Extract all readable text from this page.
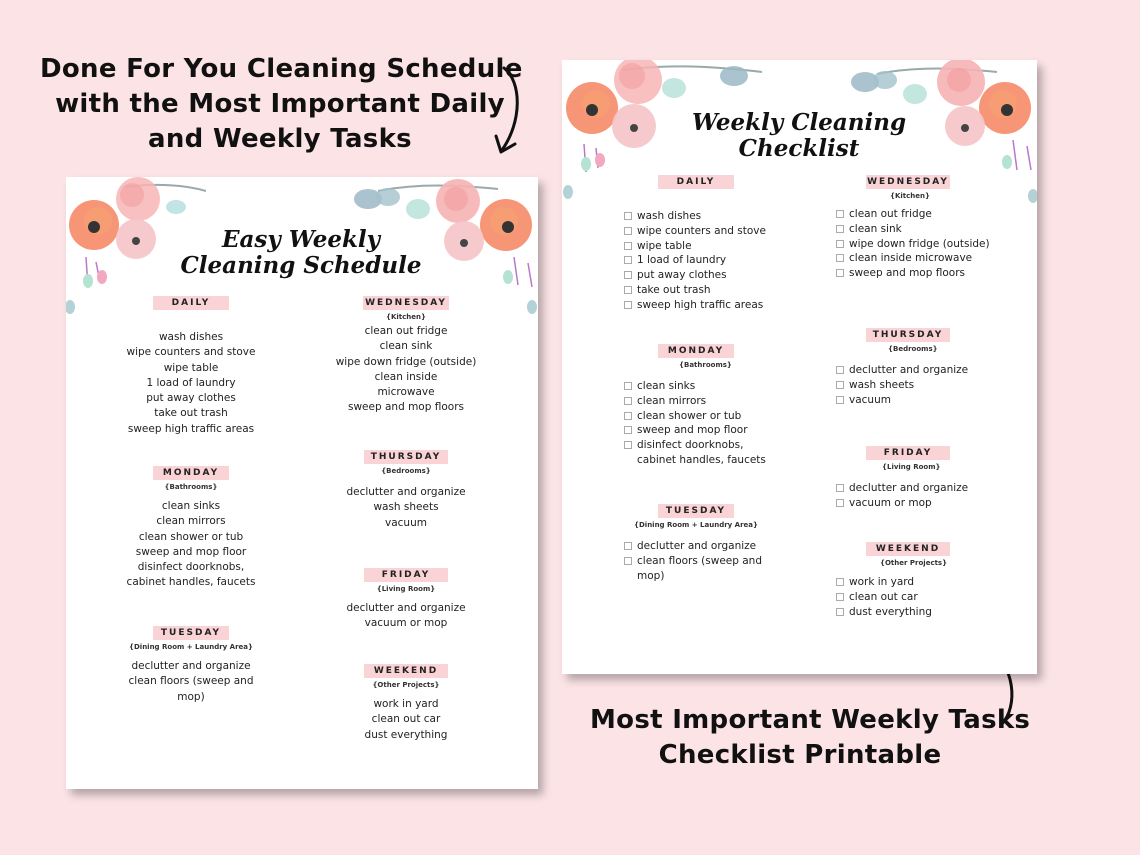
Done For You Cleaning Schedule
with the Most Important Daily
and Weekly Tasks
Most Important Weekly Tasks
Checklist Printable
Easy Weekly
Cleaning Schedule
DAILY
wash dishes
wipe counters and stove
wipe table
1 load of laundry
put away clothes
take out trash
sweep high traffic areas
MONDAY
{Bathrooms}
clean sinks
clean mirrors
clean shower or tub
sweep and mop floor
disinfect doorknobs,
cabinet handles, faucets
TUESDAY
{Dining Room + Laundry Area}
declutter and organize
clean floors (sweep and
mop)
WEDNESDAY
{Kitchen}
clean out fridge
clean sink
wipe down fridge (outside)
clean inside
microwave
sweep and mop floors
THURSDAY
{Bedrooms}
declutter and organize
wash sheets
vacuum
FRIDAY
{Living Room}
declutter and organize
vacuum or mop
WEEKEND
{Other Projects}
work in yard
clean out car
dust everything
Weekly Cleaning
Checklist
DAILY
wash dishes
wipe counters and stove
wipe table
1 load of laundry
put away clothes
take out trash
sweep high traffic areas
MONDAY
{Bathrooms}
clean sinks
clean mirrors
clean shower or tub
sweep and mop floor
disinfect doorknobs,
cabinet handles, faucets
TUESDAY
{Dining Room + Laundry Area}
declutter and organize
clean floors (sweep and
mop)
WEDNESDAY
{Kitchen}
clean out fridge
clean sink
wipe down fridge (outside)
clean inside microwave
sweep and mop floors
THURSDAY
{Bedrooms}
declutter and organize
wash sheets
vacuum
FRIDAY
{Living Room}
declutter and organize
vacuum or mop
WEEKEND
{Other Projects}
work in yard
clean out car
dust everything
